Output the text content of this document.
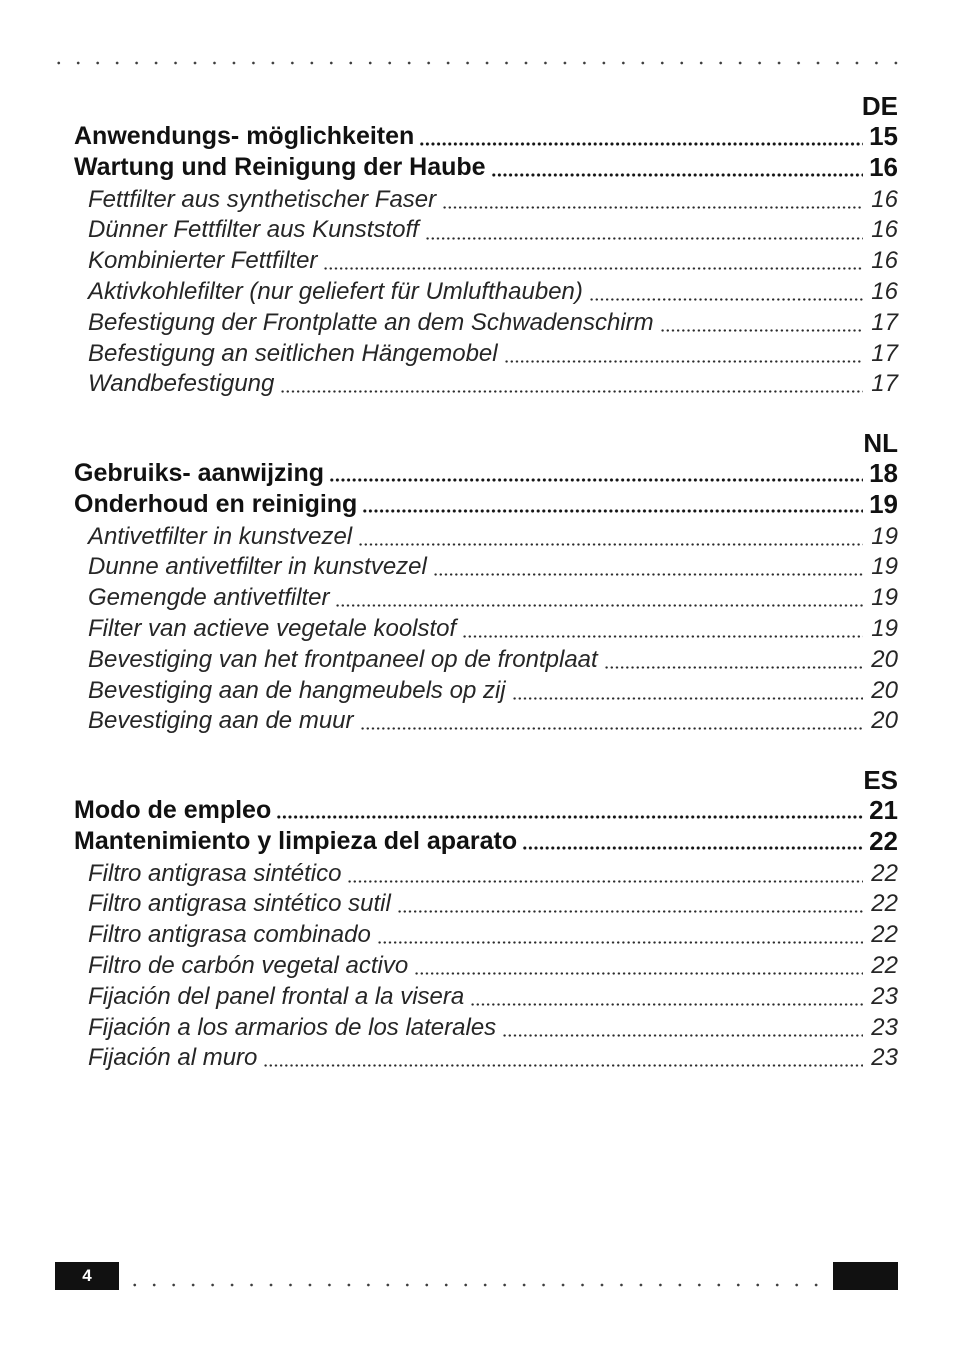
DE
Anwendungs- möglichkeiten	15
Wartung und Reinigung der Haube	16
Fettfilter aus synthetischer Faser	16
Dünner Fettfilter aus Kunststoff	16
Kombinierter Fettfilter	16
Aktivkohlefilter (nur geliefert für Umlufthauben)	16
Befestigung der Frontplatte an dem Schwadenschirm	17
Befestigung an seitlichen Hängemobel	17
Wandbefestigung	17
NL
Gebruiks- aanwijzing	18
Onderhoud en reiniging	19
Antivetfilter in kunstvezel	19
Dunne antivetfilter in kunstvezel	19
Gemengde antivetfilter	19
Filter van actieve vegetale koolstof	19
Bevestiging van het frontpaneel op de frontplaat	20
Bevestiging aan de hangmeubels op zij	20
Bevestiging aan de muur	20
ES
Modo de empleo	21
Mantenimiento y limpieza del aparato	22
Filtro antigrasa sintético	22
Filtro antigrasa sintético sutil	22
Filtro antigrasa combinado	22
Filtro de carbón vegetal activo	22
Fijación del panel frontal a la visera	23
Fijación a los armarios de los laterales	23
Fijación al muro	23
4
